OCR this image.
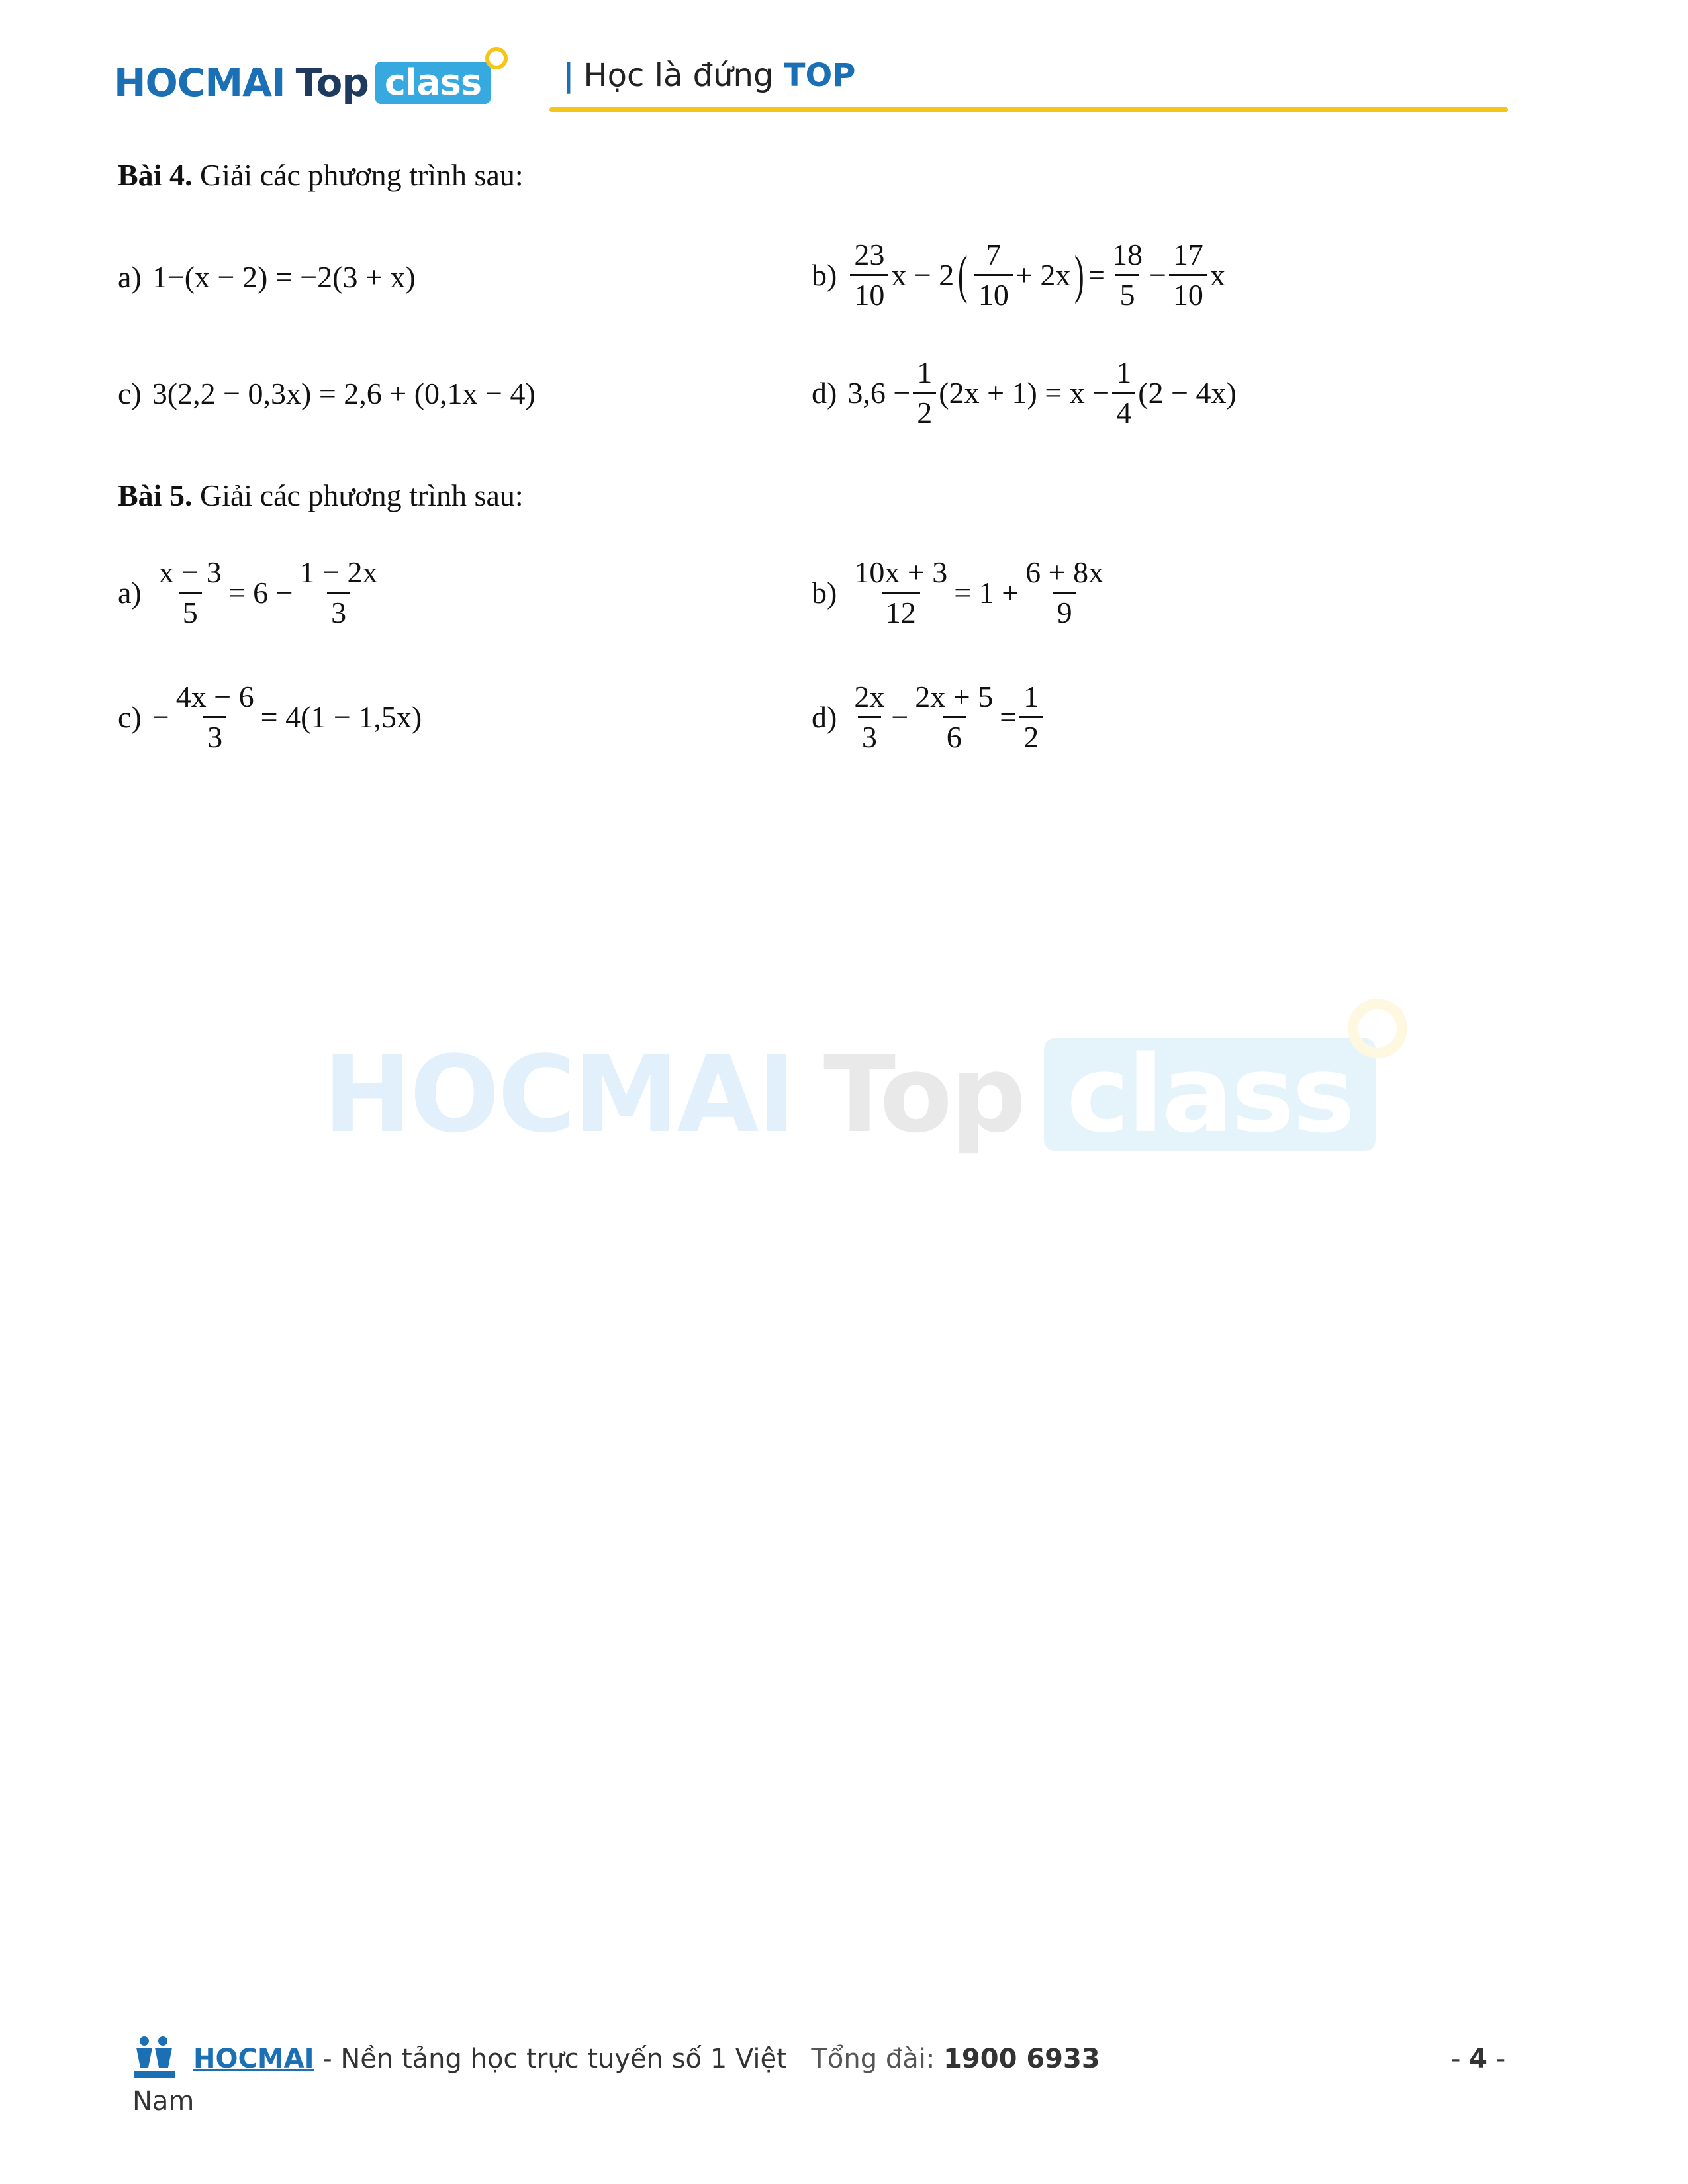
HOCMAI Top class	| Học là đứng TOP
Bài 4. Giải các phương trình sau:
a) 1−(x − 2) = −2(3 + x)	$b) \frac{23}{10}$ x − 2 ( $\frac{7}{10} + 2x$ ) = $\frac{18}{5} - \frac{17}{10}$ x
c) 3(2,2 − 0,3x) = 2,6 + (0,1x − 4)	d) $3,6 - \frac{1}{2} (2x + 1) = x - \frac{1}{4} (2 - 4x)$
Bài 5. Giải các phương trình sau:
$a) \frac{x - 3}{5} = 6 - \frac{1 - 2x}{3}$	$b) \frac{10x + 3}{12} = 1 + \frac{6 + 8x}{9}$
$c) - \frac{4x - 6}{3} = 4(1 - 1,5x)$	$d) \frac{2x}{3} - \frac{2x + 5}{6} = \frac{1}{2}$
HOCMAI Top class
HOCMAI - Nền tảng học trực tuyến số 1 Việt Tổng đài: 1900 6933
Nam
- 4 -
